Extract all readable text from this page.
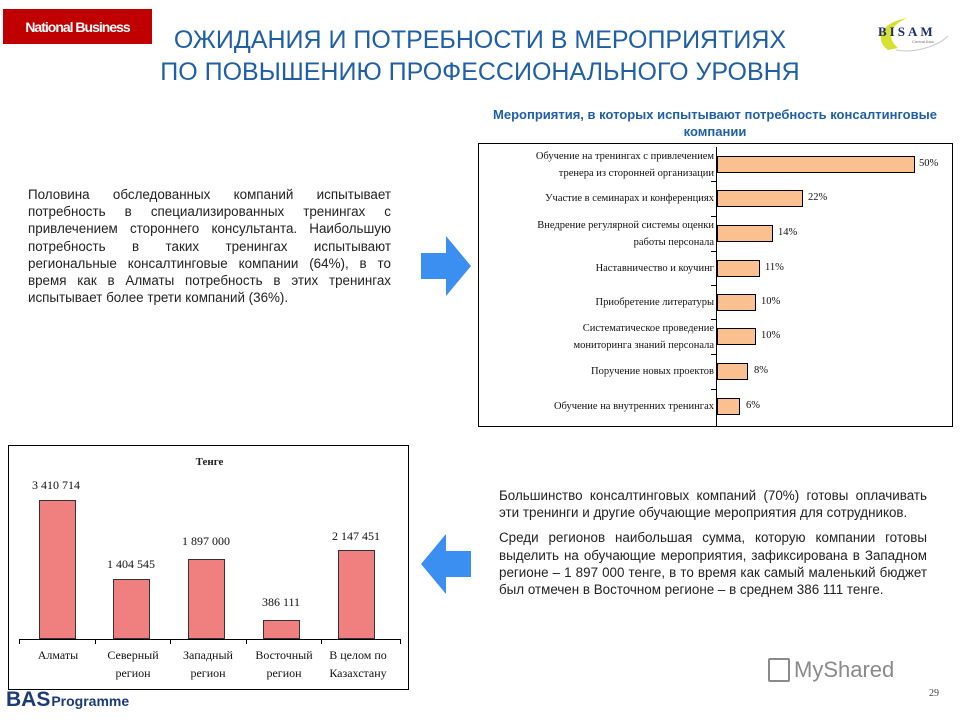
National Business	ОЖИДАНИЯ И ПОТРЕБНОСТИ В МЕРОПРИЯТИЯХ
ПО ПОВЫШЕНИЮ ПРОФЕССИОНАЛЬНОГО УРОВНЯ
BISAM
Central Asia
Половина обследованных компаний испытывает потребность в специализированных тренингах с привлечением стороннего консультанта. Наибольшую потребность в таких тренингах испытывают региональные консалтинговые компании (64%), в то время как в Алматы потребность в этих тренингах испытывает более трети компаний (36%).
Мероприятия, в которых испытывают потребность консалтинговые компании
Обучение на тренингах с привлечением
тренера из сторонней организации
50%
Участие в семинарах и конференциях	22%
Внедрение регулярной системы оценки
работы персонала
14%
Наставничество и коучинг	11%
Приобретение литературы	10%
Систематическое проведение
мониторинга знаний персонала
10%
Поручение новых проектов	8%
Обучение на внутренних тренингах	6%
Тенге
3 410 714
Алматы
1 404 545
Северный
регион
1 897 000
Западный
регион
386 111
Восточный
регион
2 147 451
В целом по
Казахстану

Большинство консалтинговых компаний (70%) готовы оплачивать эти тренинги и другие обучающие мероприятия для сотрудников.

Среди регионов наибольшая сумма, которую компании готовы выделить на обучающие мероприятия, зафиксирована в Западном регионе – 1 897 000 тенге, в то время как самый маленький бюджет был отмечен в Восточном регионе – в среднем 386 111 тенге.

BASProgramme
MyShared
29
